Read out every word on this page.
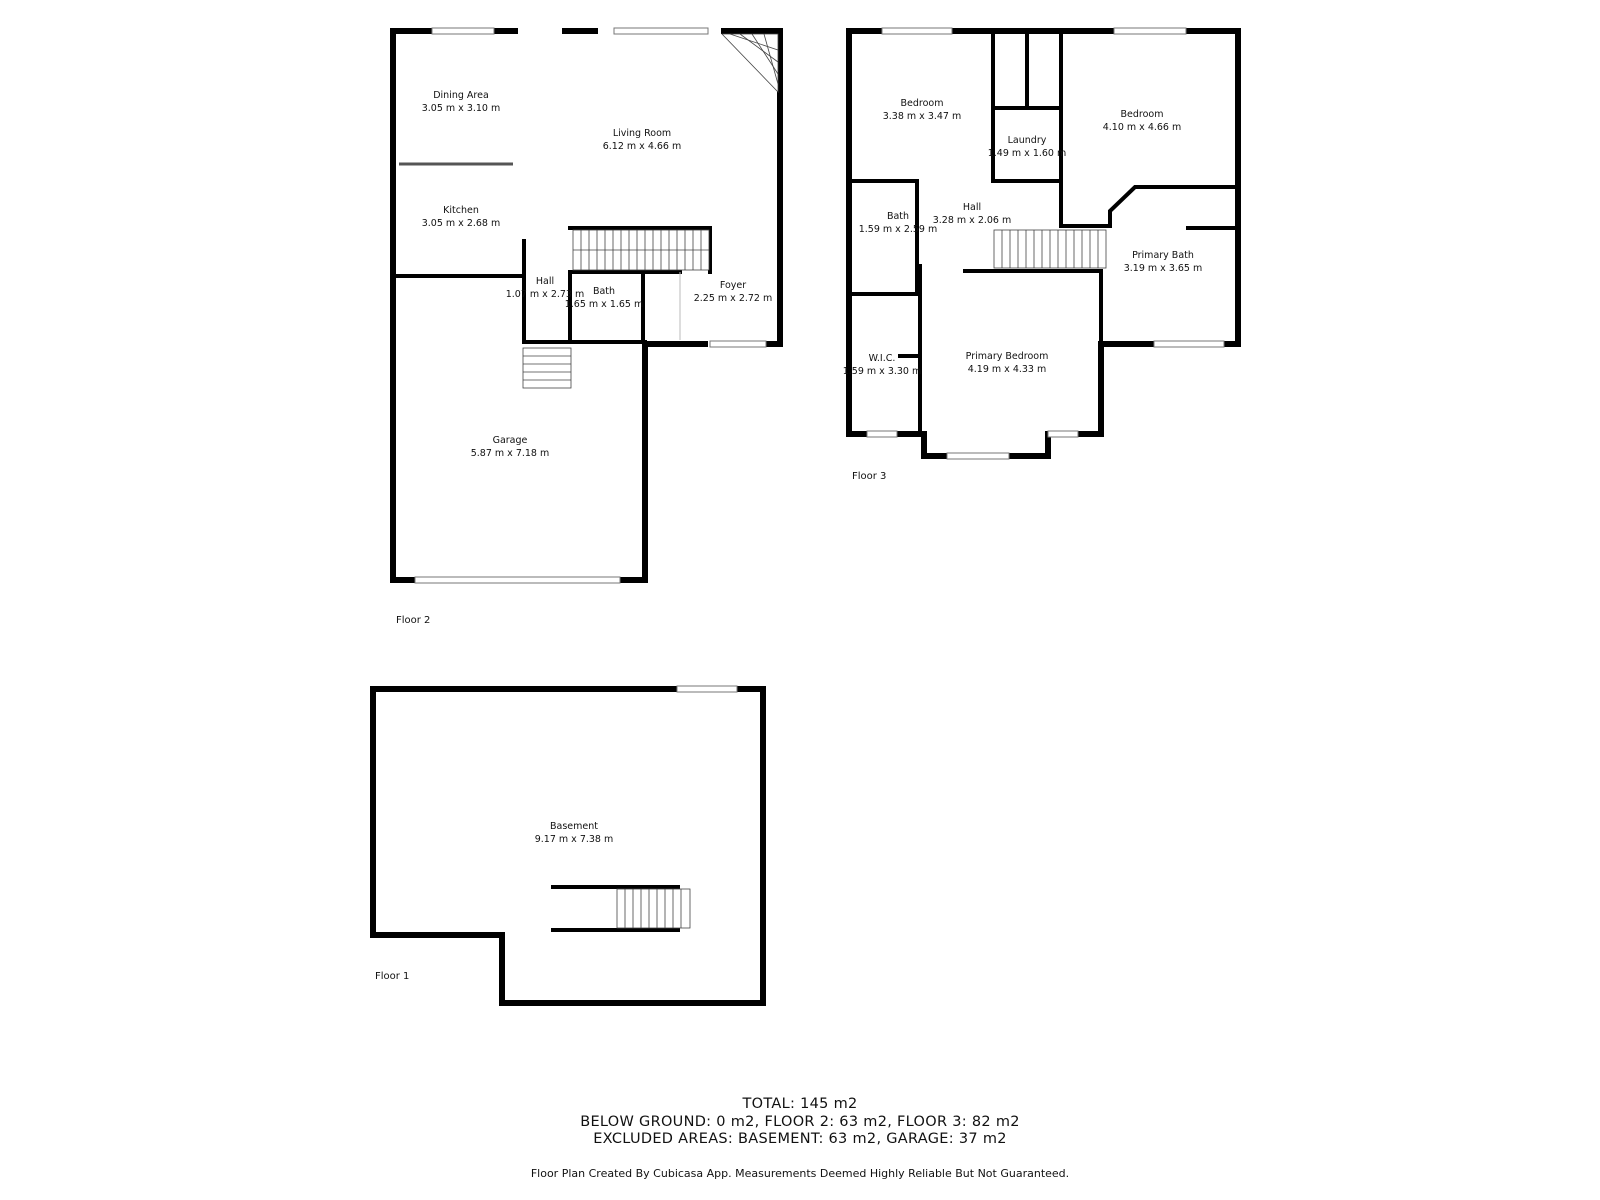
Dining Area
3.05 m x 3.10 m
Living Room
6.12 m x 4.66 m
Kitchen
3.05 m x 2.68 m
Hall
1.07 m x 2.73 m Bath
1.65 m x 1.65 m
Foyer
2.25 m x 2.72 m
Garage
5.87 m x 7.18 m
Floor 2
Bedroom
3.38 m x 3.47 m
Laundry
1.49 m x 1.60 m
Bedroom
4.10 m x 4.66 m
Bath
1.59 m x 2.59 m
Hall
3.28 m x 2.06 m
Primary Bath
3.19 m x 3.65 m
W.I.C.
1.59 m x 3.30 m
Primary Bedroom
4.19 m x 4.33 m
Floor 3
Basement
9.17 m x 7.38 m
Floor 1
TOTAL: 145 m2
BELOW GROUND: 0 m2, FLOOR 2: 63 m2, FLOOR 3: 82 m2
EXCLUDED AREAS: BASEMENT: 63 m2, GARAGE: 37 m2
Floor Plan Created By Cubicasa App. Measurements Deemed Highly Reliable But Not Guaranteed.
